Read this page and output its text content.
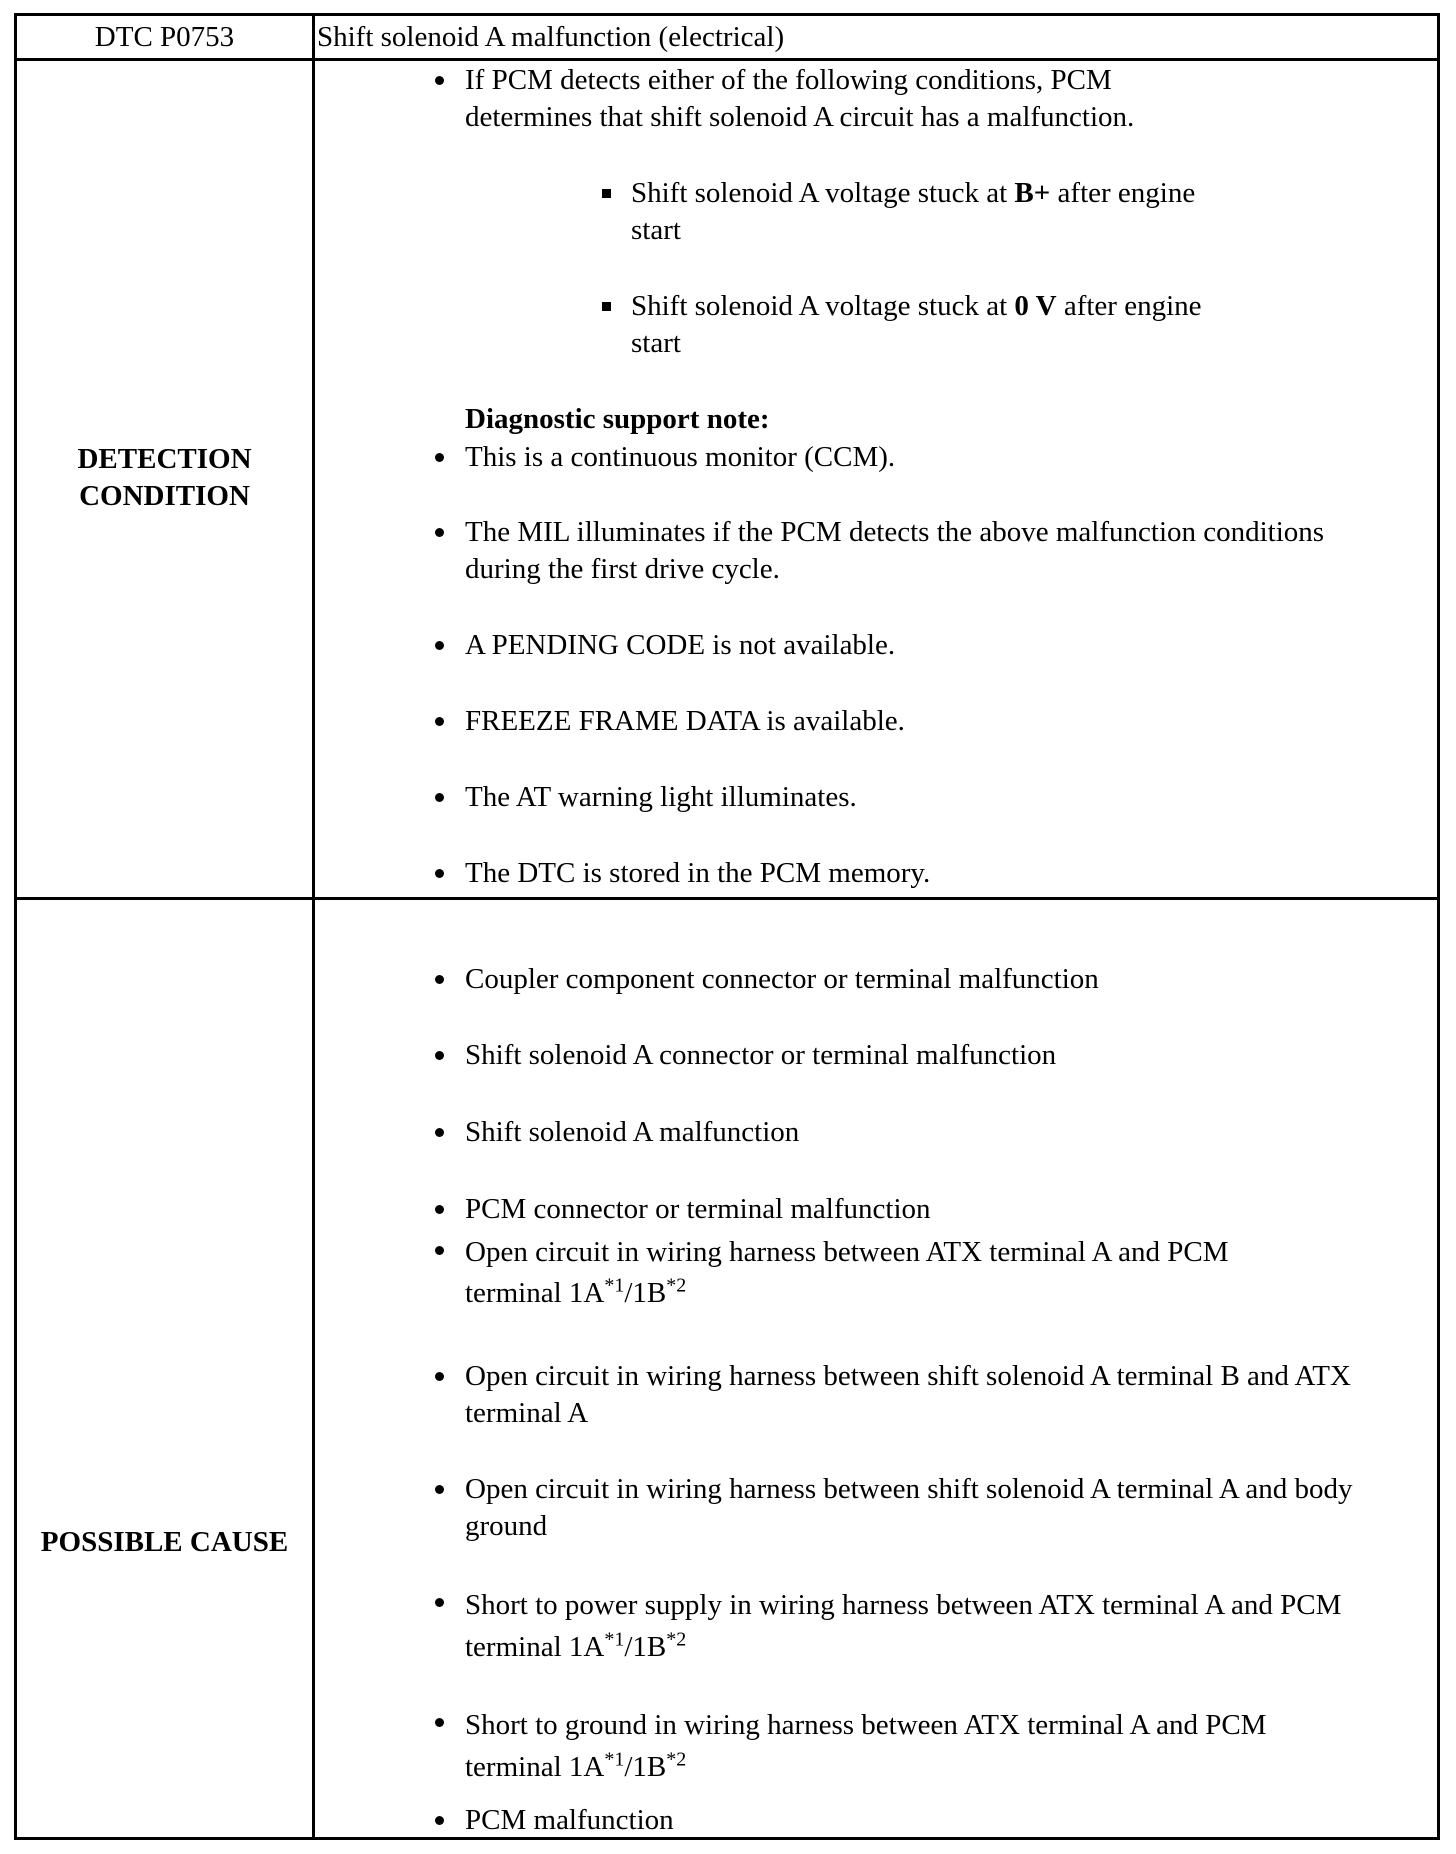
DTC P0753	Shift solenoid A malfunction (electrical)
DETECTION
CONDITION
POSSIBLE CAUSE
If PCM detects either of the following conditions, PCM determines that shift solenoid A circuit has a malfunction.
Shift solenoid A voltage stuck at B+ after engine start
Shift solenoid A voltage stuck at 0 V after engine start
Diagnostic support note:
This is a continuous monitor (CCM).
The MIL illuminates if the PCM detects the above malfunction conditions during the first drive cycle.
A PENDING CODE is not available.
FREEZE FRAME DATA is available.
The AT warning light illuminates.
The DTC is stored in the PCM memory.
Coupler component connector or terminal malfunction
Shift solenoid A connector or terminal malfunction
Shift solenoid A malfunction
PCM connector or terminal malfunction
Open circuit in wiring harness between ATX terminal A and PCM terminal $1A^{*1}/1B^{*2}$
Open circuit in wiring harness between shift solenoid A terminal B and ATX terminal A
Open circuit in wiring harness between shift solenoid A terminal A and body ground
Short to power supply in wiring harness between ATX terminal A and PCM terminal $1A^{*1}/1B^{*2}$
Short to ground in wiring harness between ATX terminal A and PCM terminal $1A^{*1}/1B^{*2}$
PCM malfunction
